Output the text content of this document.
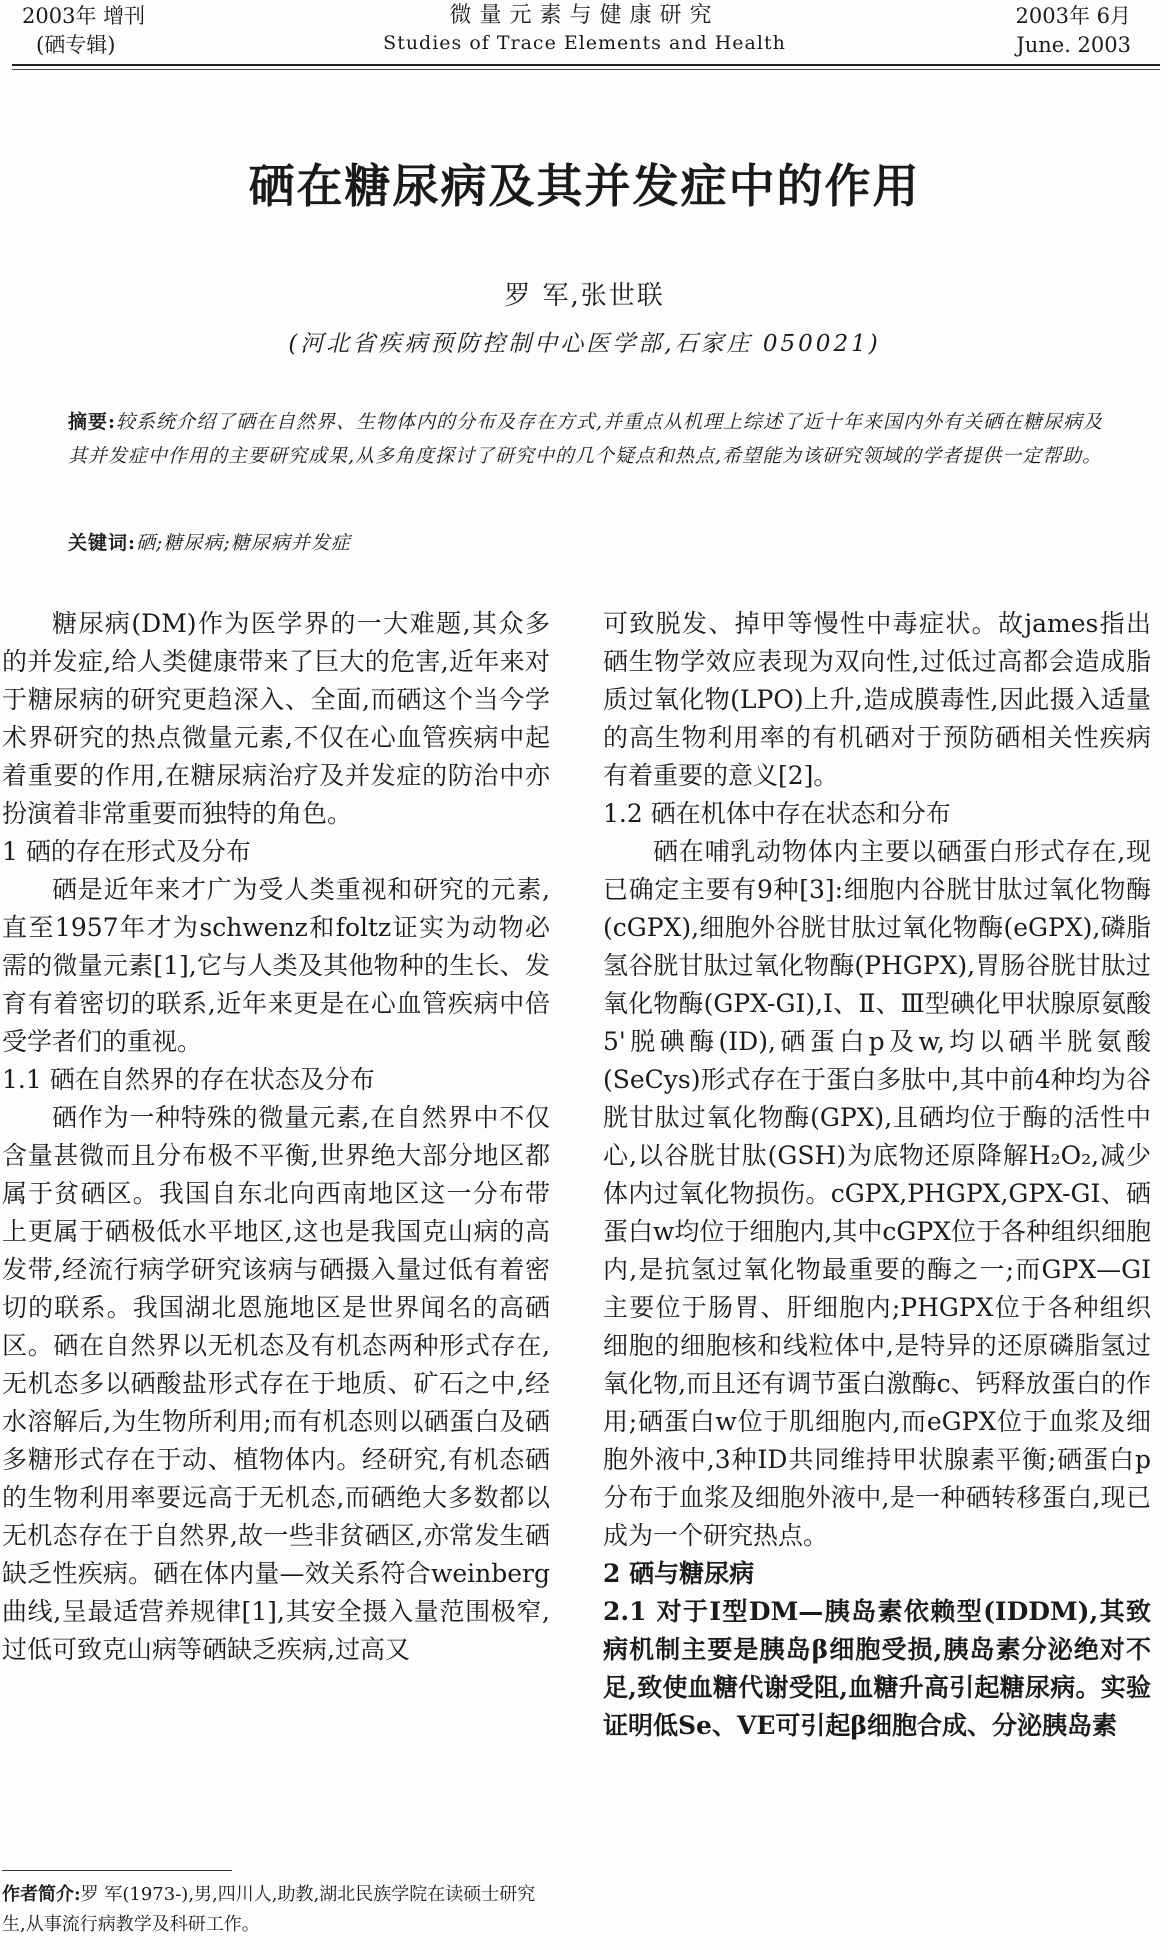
2003年 增刊
(硒专辑)
微量元素与健康研究
Studies of Trace Elements and Health
2003年 6月
June. 2003
硒在糖尿病及其并发症中的作用
罗 军,张世联
(河北省疾病预防控制中心医学部,石家庄 050021)
摘要:较系统介绍了硒在自然界、生物体内的分布及存在方式,并重点从机理上综述了近十年来国内外有关硒在糖尿病及其并发症中作用的主要研究成果,从多角度探讨了研究中的几个疑点和热点,希望能为该研究领域的学者提供一定帮助。
关键词:硒;糖尿病;糖尿病并发症

糖尿病(DM)作为医学界的一大难题,其众多的并发症,给人类健康带来了巨大的危害,近年来对于糖尿病的研究更趋深入、全面,而硒这个当今学术界研究的热点微量元素,不仅在心血管疾病中起着重要的作用,在糖尿病治疗及并发症的防治中亦扮演着非常重要而独特的角色。

1 硒的存在形式及分布

硒是近年来才广为受人类重视和研究的元素,直至1957年才为schwenz和foltz证实为动物必需的微量元素[1],它与人类及其他物种的生长、发育有着密切的联系,近年来更是在心血管疾病中倍受学者们的重视。

1.1 硒在自然界的存在状态及分布

硒作为一种特殊的微量元素,在自然界中不仅含量甚微而且分布极不平衡,世界绝大部分地区都属于贫硒区。我国自东北向西南地区这一分布带上更属于硒极低水平地区,这也是我国克山病的高发带,经流行病学研究该病与硒摄入量过低有着密切的联系。我国湖北恩施地区是世界闻名的高硒区。硒在自然界以无机态及有机态两种形式存在,无机态多以硒酸盐形式存在于地质、矿石之中,经水溶解后,为生物所利用;而有机态则以硒蛋白及硒多糖形式存在于动、植物体内。经研究,有机态硒的生物利用率要远高于无机态,而硒绝大多数都以无机态存在于自然界,故一些非贫硒区,亦常发生硒缺乏性疾病。硒在体内量—效关系符合weinberg曲线,呈最适营养规律[1],其安全摄入量范围极窄,过低可致克山病等硒缺乏疾病,过高又

可致脱发、掉甲等慢性中毒症状。故james指出硒生物学效应表现为双向性,过低过高都会造成脂质过氧化物(LPO)上升,造成膜毒性,因此摄入适量的高生物利用率的有机硒对于预防硒相关性疾病有着重要的意义[2]。

1.2 硒在机体中存在状态和分布

硒在哺乳动物体内主要以硒蛋白形式存在,现已确定主要有9种[3]:细胞内谷胱甘肽过氧化物酶(cGPX),细胞外谷胱甘肽过氧化物酶(eGPX),磷脂氢谷胱甘肽过氧化物酶(PHGPX),胃肠谷胱甘肽过氧化物酶(GPX-GI),Ⅰ、Ⅱ、Ⅲ型碘化甲状腺原氨酸5'脱碘酶(ID),硒蛋白p及w,均以硒半胱氨酸(SeCys)形式存在于蛋白多肽中,其中前4种均为谷胱甘肽过氧化物酶(GPX),且硒均位于酶的活性中心,以谷胱甘肽(GSH)为底物还原降解H₂O₂,减少体内过氧化物损伤。cGPX,PHGPX,GPX-GI、硒蛋白w均位于细胞内,其中cGPX位于各种组织细胞内,是抗氢过氧化物最重要的酶之一;而GPX—GI主要位于肠胃、肝细胞内;PHGPX位于各种组织细胞的细胞核和线粒体中,是特异的还原磷脂氢过氧化物,而且还有调节蛋白激酶c、钙释放蛋白的作用;硒蛋白w位于肌细胞内,而eGPX位于血浆及细胞外液中,3种ID共同维持甲状腺素平衡;硒蛋白p分布于血浆及细胞外液中,是一种硒转移蛋白,现已成为一个研究热点。

2 硒与糖尿病

2.1 对于Ⅰ型DM—胰岛素依赖型(IDDM),其致病机制主要是胰岛β细胞受损,胰岛素分泌绝对不足,致使血糖代谢受阻,血糖升高引起糖尿病。实验证明低Se、VE可引起β细胞合成、分泌胰岛素

作者简介:罗 军(1973-),男,四川人,助教,湖北民族学院在读硕士研究生,从事流行病教学及科研工作。
